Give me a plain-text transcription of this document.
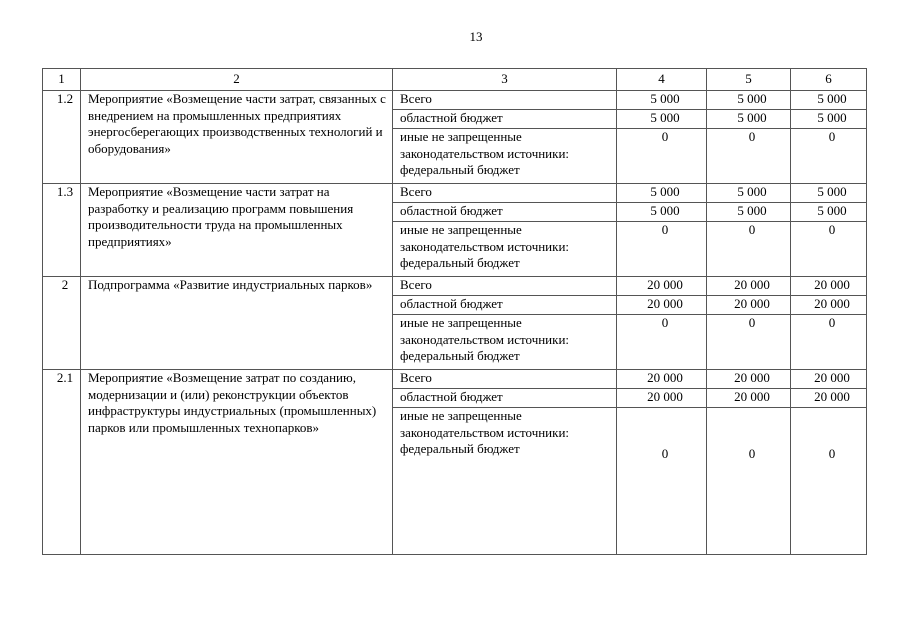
13
1	2	3	4	5	6
1.2	Мероприятие «Возмещение части затрат, связанных с внедрением на промышленных предприятиях энергосберегающих производственных технологий и оборудования»	Всего	5 000	5 000	5 000
		областной бюджет	5 000	5 000	5 000
		иные не запрещенные законодательством источники: федеральный бюджет	0	0	0
1.3	Мероприятие «Возмещение части затрат на разработку и реализацию программ повышения производительности труда на промышленных предприятиях»	Всего	5 000	5 000	5 000
		областной бюджет	5 000	5 000	5 000
		иные не запрещенные законодательством источники: федеральный бюджет	0	0	0
2	Подпрограмма «Развитие индустриальных парков»	Всего	20 000	20 000	20 000
		областной бюджет	20 000	20 000	20 000
		иные не запрещенные законодательством источники: федеральный бюджет	0	0	0
2.1	Мероприятие «Возмещение затрат по созданию, модернизации и (или) реконструкции объектов инфраструктуры индустриальных (промышленных) парков или промышленных технопарков»	Всего	20 000	20 000	20 000
		областной бюджет	20 000	20 000	20 000
		иные не запрещенные законодательством источники: федеральный бюджет	0	0	0
